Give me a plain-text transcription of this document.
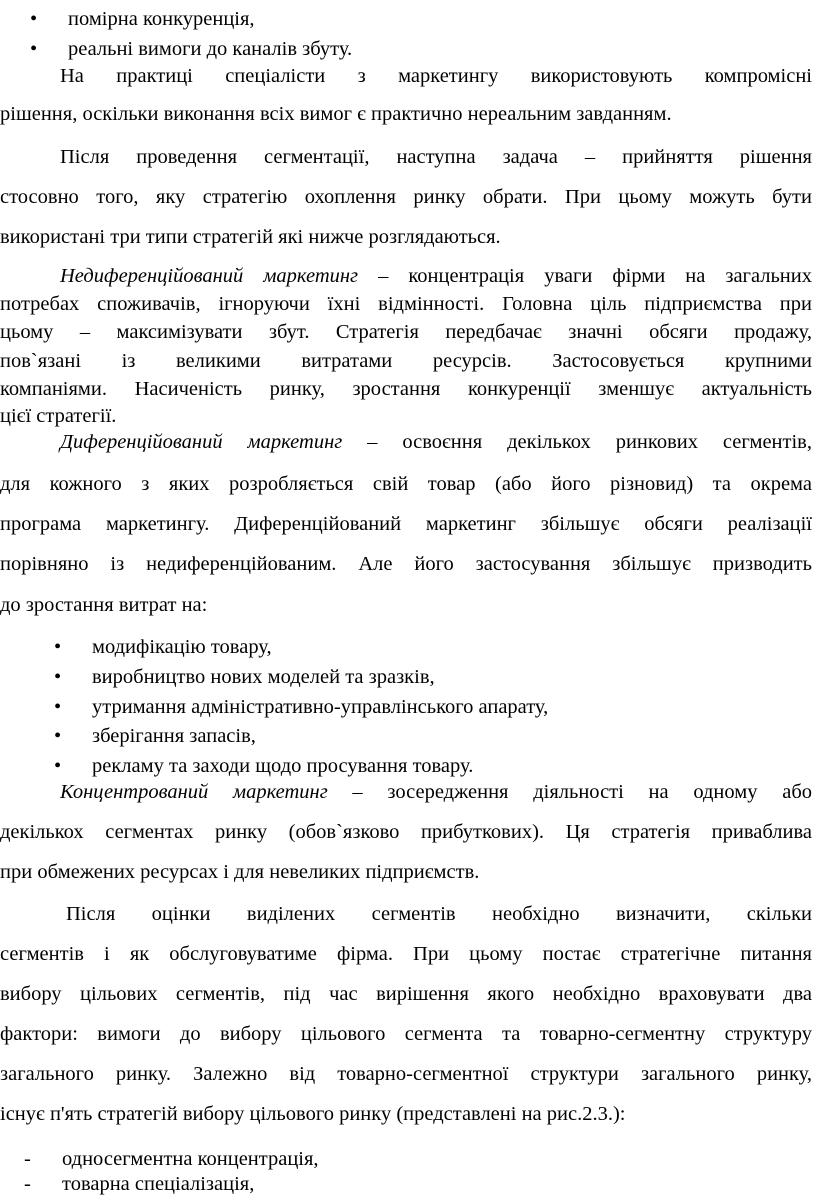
• помірна конкуренція,
• реальні вимоги до каналів збуту.
На практиці спеціалісти з маркетингу використовують компромісні
рішення, оскільки виконання всіх вимог є практично нереальним завданням.
Після проведення сегментації, наступна задача – прийняття рішення
стосовно того, яку стратегію охоплення ринку обрати. При цьому можуть бути
використані три типи стратегій які нижче розглядаються.
Недиференційований маркетинг – концентрація уваги фірми на загальних
потребах споживачів, ігноруючи їхні відмінності. Головна ціль підприємства при
цьому – максимізувати збут. Стратегія передбачає значні обсяги продажу,
пов`язані із великими витратами ресурсів. Застосовується крупними
компаніями. Насиченість ринку, зростання конкуренції зменшує актуальність
цієї стратегії.
Диференційований маркетинг – освоєння декількох ринкових сегментів,
для кожного з яких розробляється свій товар (або його різновид) та окрема
програма маркетингу. Диференційований маркетинг збільшує обсяги реалізації
порівняно із недиференційованим. Але його застосування збільшує призводить
до зростання витрат на:
• модифікацію товару,
• виробництво нових моделей та зразків,
• утримання адміністративно-управлінського апарату,
• зберігання запасів,
• рекламу та заходи щодо просування товару.
Концентрований маркетинг – зосередження діяльності на одному або
декількох сегментах ринку (обов`язково прибуткових). Ця стратегія приваблива
при обмежених ресурсах і для невеликих підприємств.
Після оцінки виділених сегментів необхідно визначити, скільки
сегментів і як обслуговуватиме фірма. При цьому постає стратегічне питання
вибору цільових сегментів, під час вирішення якого необхідно враховувати два
фактори: вимоги до вибору цільового сегмента та товарно-сегментну структуру
загального ринку. Залежно від товарно-сегментної структури загального ринку,
існує п'ять стратегій вибору цільового ринку (представлені на рис.2.3.):
- односегментна концентрація,
- товарна спеціалізація,
